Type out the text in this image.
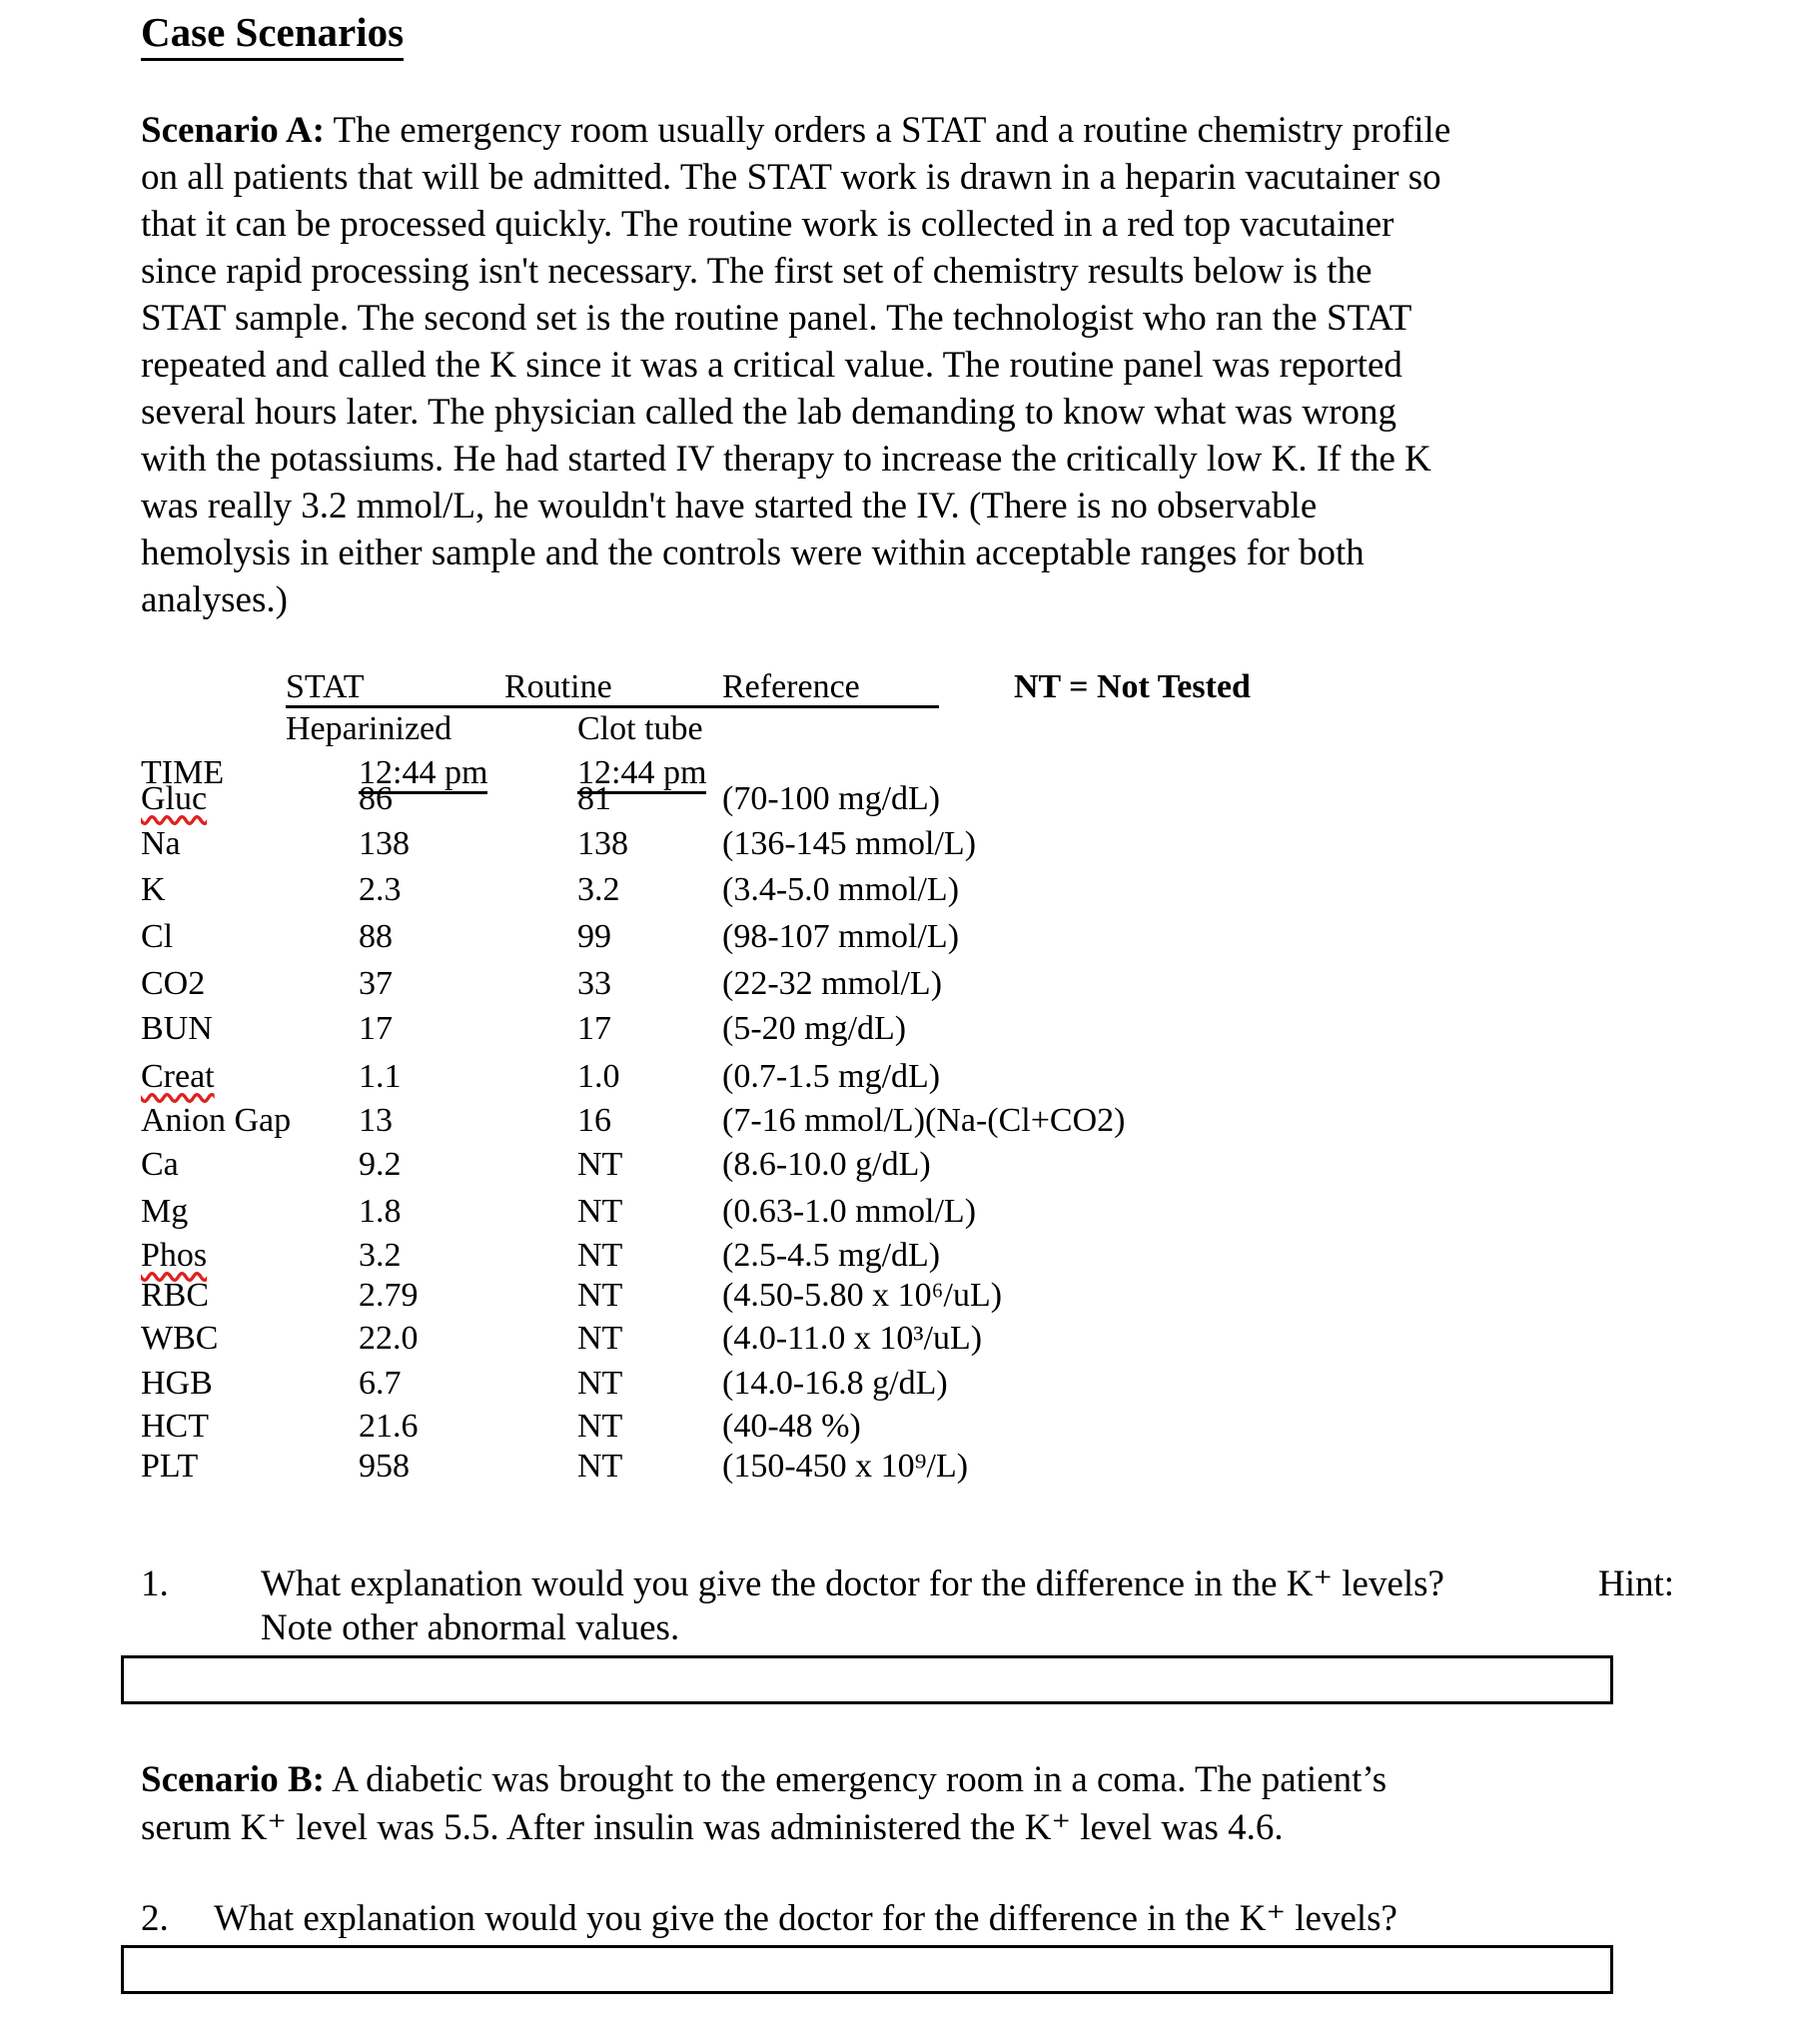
Case Scenarios
Scenario A: The emergency room usually orders a STAT and a routine chemistry profile
on all patients that will be admitted. The STAT work is drawn in a heparin vacutainer so
that it can be processed quickly. The routine work is collected in a red top vacutainer
since rapid processing isn't necessary. The first set of chemistry results below is the
STAT sample. The second set is the routine panel. The technologist who ran the STAT
repeated and called the K since it was a critical value. The routine panel was reported
several hours later. The physician called the lab demanding to know what was wrong
with the potassiums. He had started IV therapy to increase the critically low K. If the K
was really 3.2 mmol/L, he wouldn't have started the IV. (There is no observable
hemolysis in either sample and the controls were within acceptable ranges for both
analyses.)
STAT	Routine	Reference	NT = Not Tested
Heparinized	Clot tube
TIME	12:44 pm	12:44 pm
Gluc	86	81	(70-100 mg/dL)
Na	138	138	(136-145 mmol/L)
K	2.3	3.2	(3.4-5.0 mmol/L)
Cl	88	99	(98-107 mmol/L)
CO2	37	33	(22-32 mmol/L)
BUN	17	17	(5-20 mg/dL)
Creat	1.1	1.0	(0.7-1.5 mg/dL)
Anion Gap 13	16	(7-16 mmol/L)(Na-(Cl+CO2)
Ca	9.2	NT	(8.6-10.0 g/dL)
Mg	1.8	NT	(0.63-1.0 mmol/L)
Phos	3.2	NT	(2.5-4.5 mg/dL)
RBC	2.79	NT	(4.50-5.80 x 10⁶/uL)
WBC	22.0	NT	(4.0-11.0 x 10³/uL)
HGB	6.7	NT	(14.0-16.8 g/dL)
HCT	21.6	NT	(40-48 %)
PLT	958	NT	(150-450 x 10⁹/L)
1. What explanation would you give the doctor for the difference in the K⁺ levels?	Hint:
Note other abnormal values.
Scenario B: A diabetic was brought to the emergency room in a coma. The patient’s
serum K⁺ level was 5.5. After insulin was administered the K⁺ level was 4.6.
2. What explanation would you give the doctor for the difference in the K⁺ levels?
